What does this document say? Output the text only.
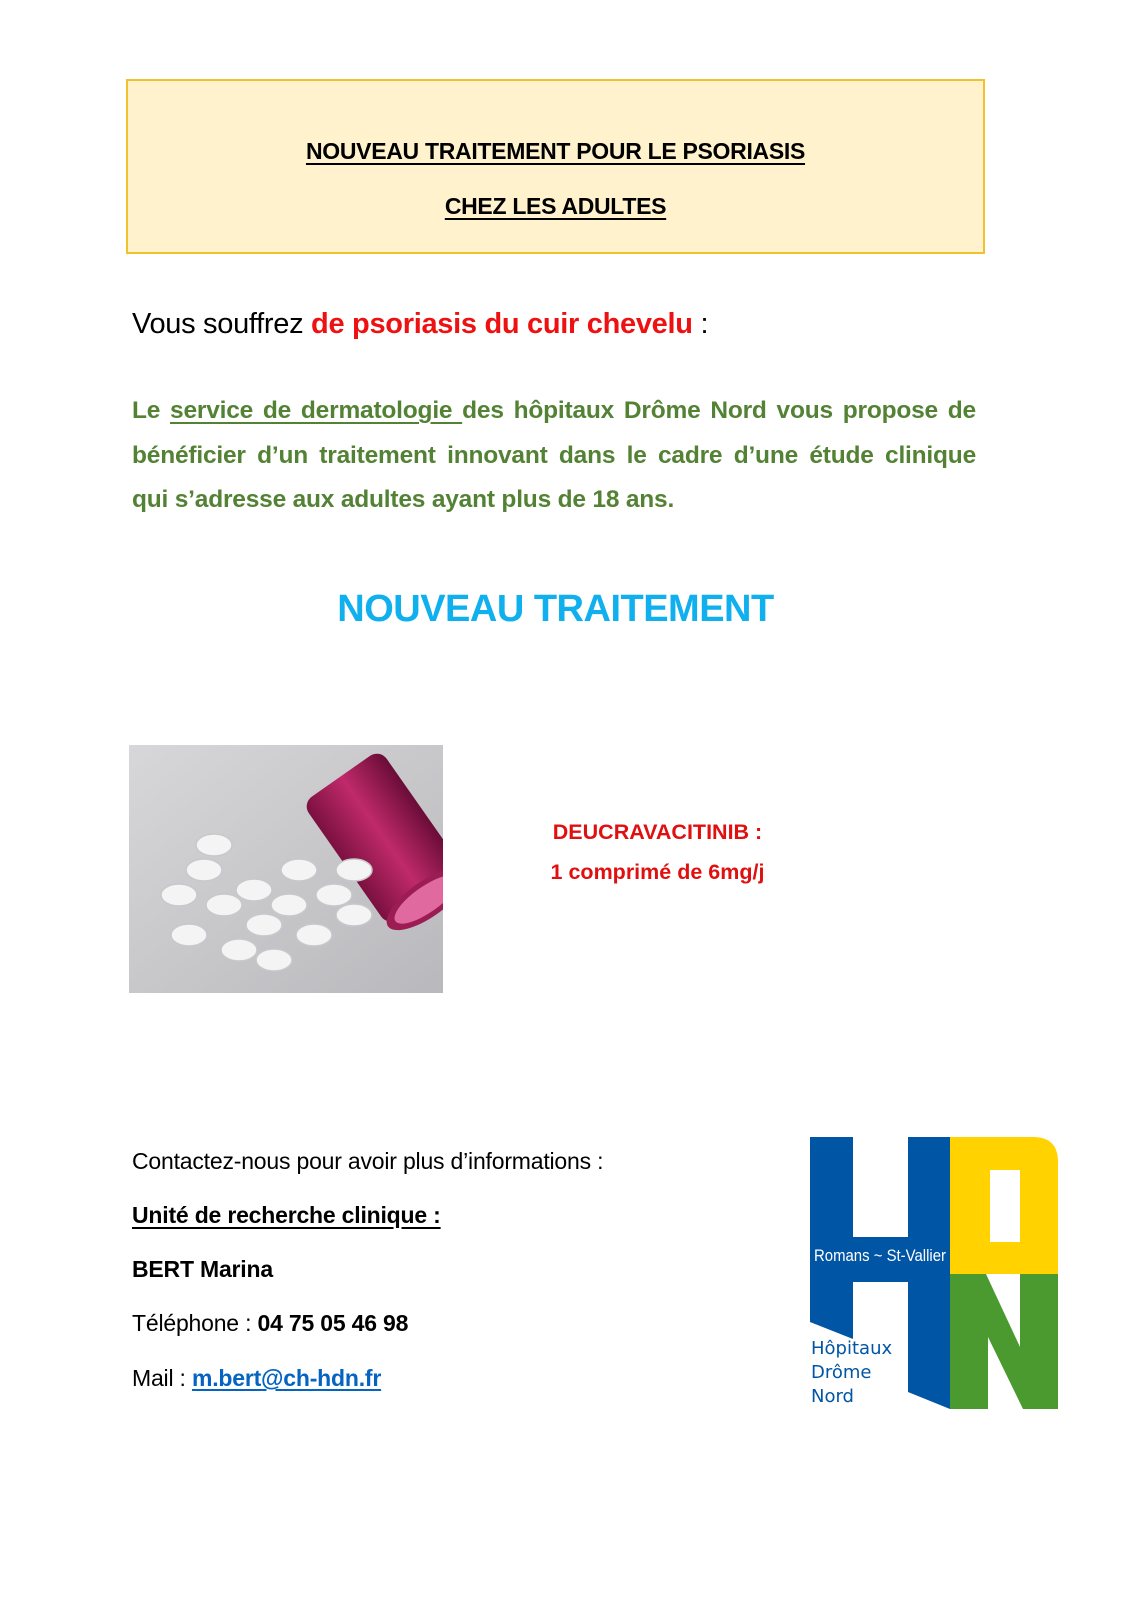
NOUVEAU TRAITEMENT POUR LE PSORIASIS
CHEZ LES ADULTES
Vous souffrez de psoriasis du cuir chevelu :
Le service de dermatologie des hôpitaux Drôme Nord vous propose de bénéficier d’un traitement innovant dans le cadre d’une étude clinique qui s’adresse aux adultes ayant plus de 18 ans.
NOUVEAU TRAITEMENT
DEUCRAVACITINIB :
1 comprimé de 6mg/j
Contactez-nous pour avoir plus d’informations :
Unité de recherche clinique :
BERT Marina
Téléphone : 04 75 05 46 98
Mail : m.bert@ch-hdn.fr
Romans ~ St-Vallier
Hôpitaux
Drôme
Nord
